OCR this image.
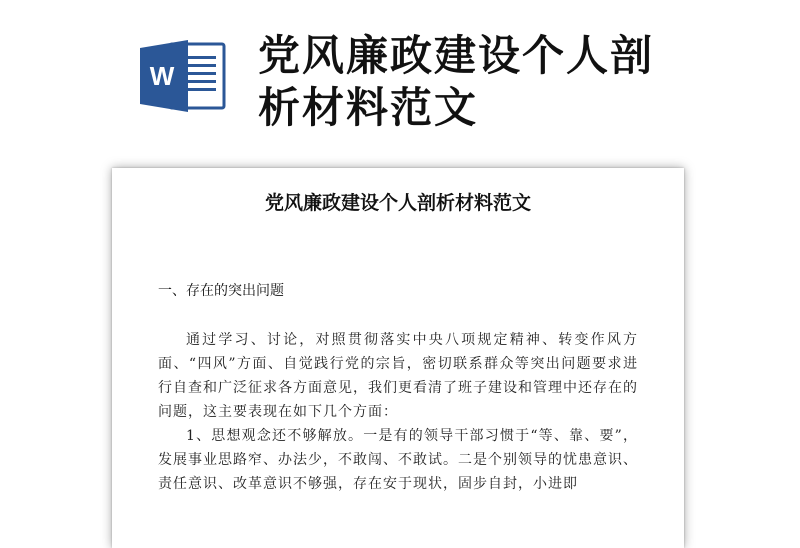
W 党风廉政建设个人剖析材料范文
党风廉政建设个人剖析材料范文
一、存在的突出问题

通过学习、讨论，对照贯彻落实中央八项规定精神、转变作风方面、“四风”方面、自觉践行党的宗旨，密切联系群众等突出问题要求进行自查和广泛征求各方面意见，我们更看清了班子建设和管理中还存在的问题，这主要表现在如下几个方面：

1、思想观念还不够解放。一是有的领导干部习惯于“等、靠、要”，发展事业思路窄、办法少，不敢闯、不敢试。二是个别领导的忧患意识、责任意识、改革意识不够强，存在安于现状，固步自封，小进即
